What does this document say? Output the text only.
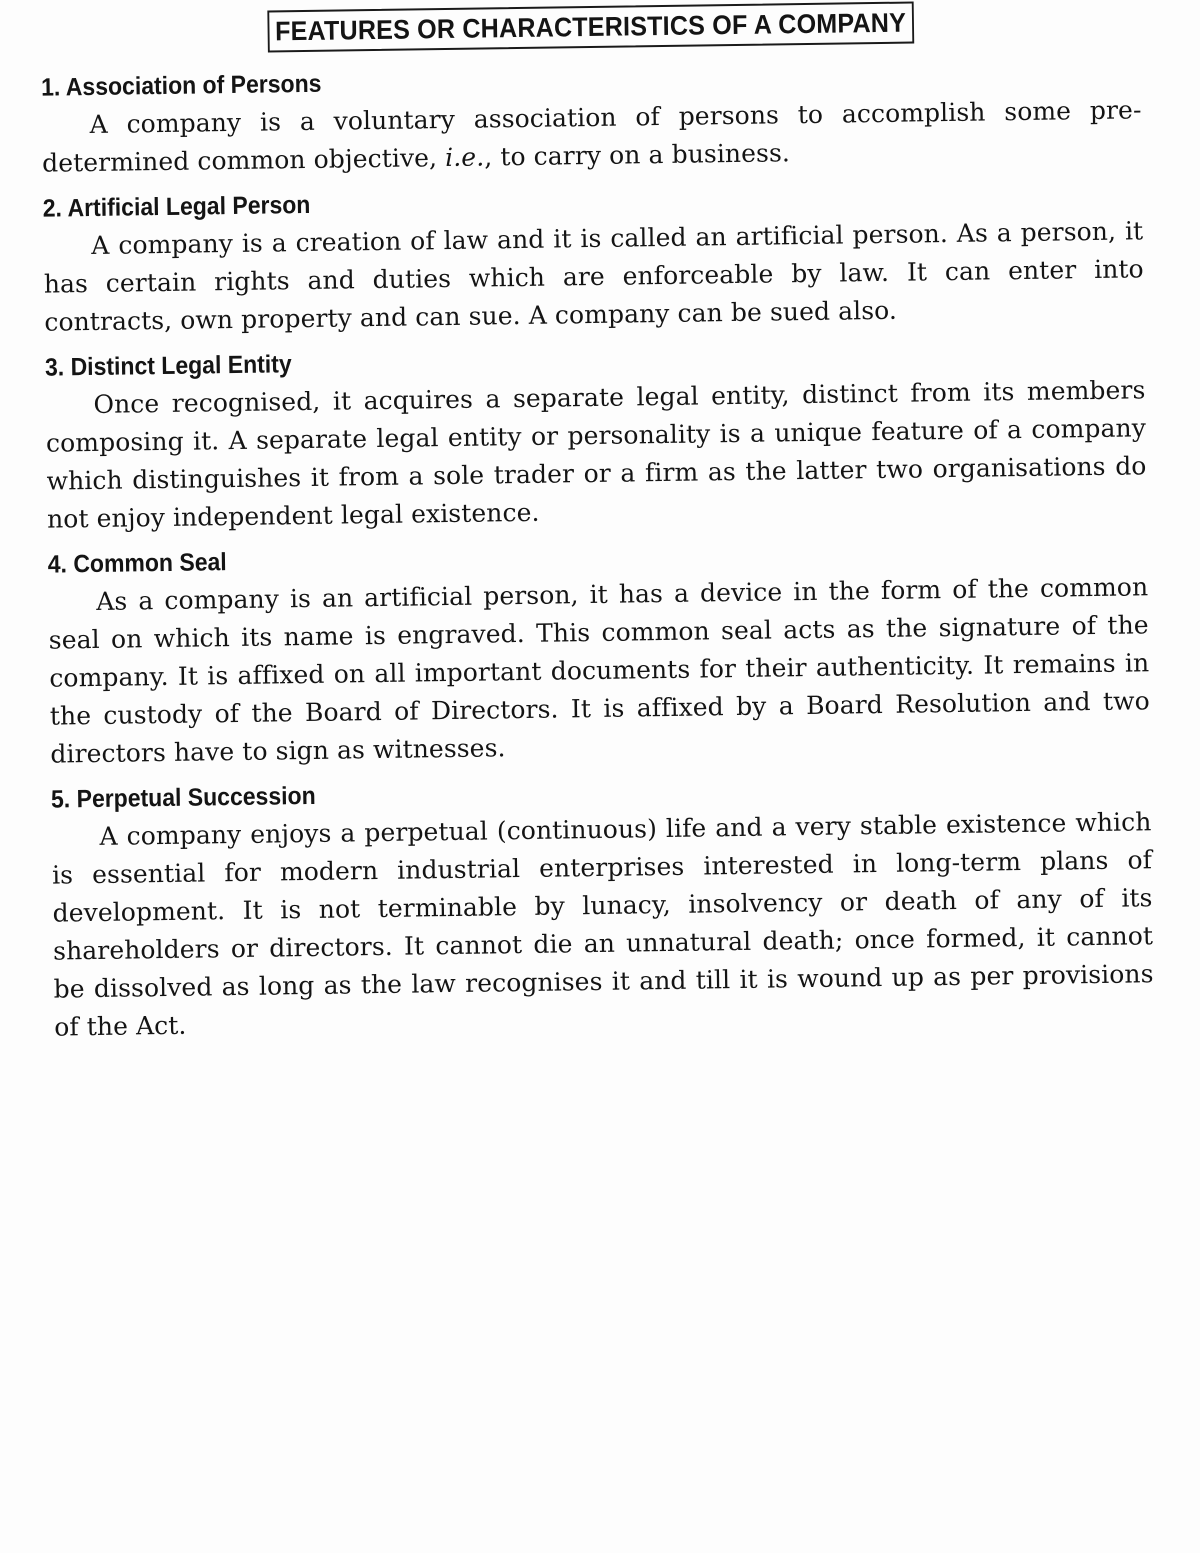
FEATURES OR CHARACTERISTICS OF A COMPANY
1. Association of Persons

A company is a voluntary association of persons to accomplish some pre-determined common objective, i.e., to carry on a business.

2. Artificial Legal Person

A company is a creation of law and it is called an artificial person. As a person, it has certain rights and duties which are enforceable by law. It can enter into contracts, own property and can sue. A company can be sued also.

3. Distinct Legal Entity

Once recognised, it acquires a separate legal entity, distinct from its members composing it. A separate legal entity or personality is a unique feature of a company which distinguishes it from a sole trader or a firm as the latter two organisations do not enjoy independent legal existence.

4. Common Seal

As a company is an artificial person, it has a device in the form of the common seal on which its name is engraved. This common seal acts as the signature of the company. It is affixed on all important documents for their authenticity. It remains in the custody of the Board of Directors. It is affixed by a Board Resolution and two directors have to sign as witnesses.

5. Perpetual Succession

A company enjoys a perpetual (continuous) life and a very stable existence which is essential for modern industrial enterprises interested in long-term plans of development. It is not terminable by lunacy, insolvency or death of any of its shareholders or directors. It cannot die an unnatural death; once formed, it cannot be dissolved as long as the law recognises it and till it is wound up as per provisions of the Act.
